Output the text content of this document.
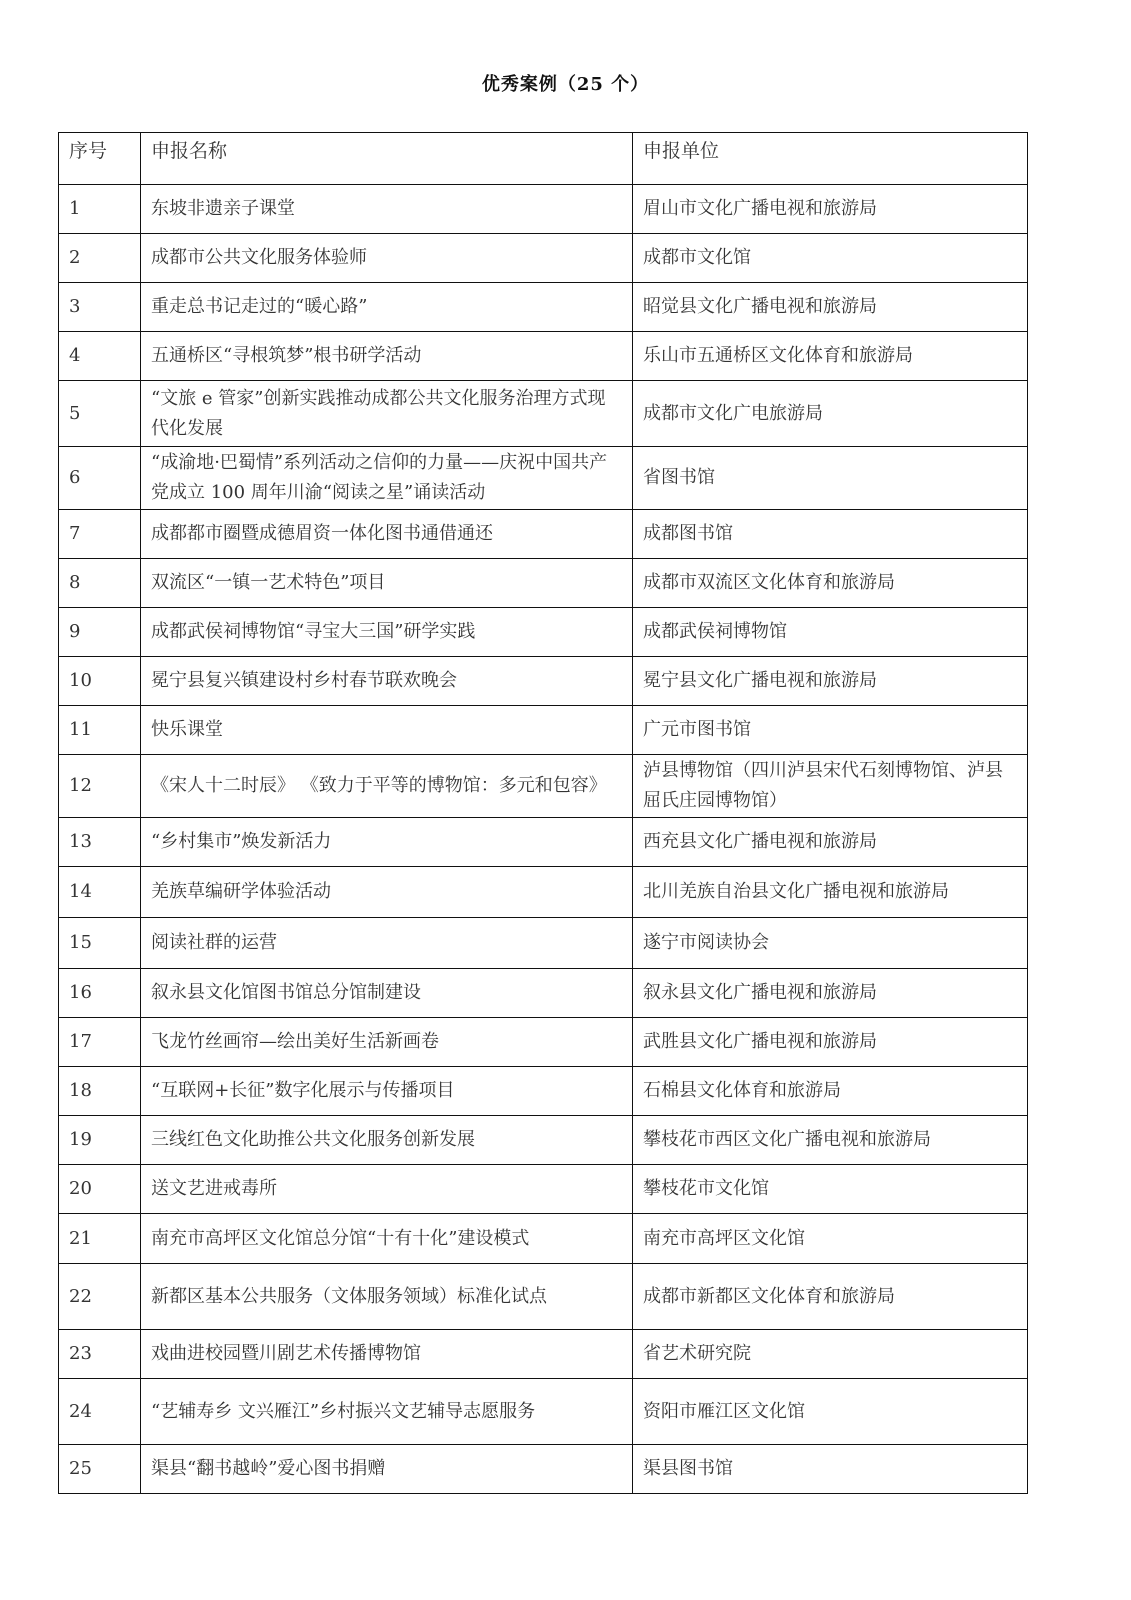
优秀案例（25 个）
序号	申报名称	申报单位
1	东坡非遗亲子课堂	眉山市文化广播电视和旅游局
2	成都市公共文化服务体验师	成都市文化馆
3	重走总书记走过的“暖心路”	昭觉县文化广播电视和旅游局
4	五通桥区“寻根筑梦”根书研学活动	乐山市五通桥区文化体育和旅游局
5	“文旅 e 管家”创新实践推动成都公共文化服务治理方式现代化发展	成都市文化广电旅游局
6	“成渝地·巴蜀情”系列活动之信仰的力量——庆祝中国共产党成立 100 周年川渝“阅读之星”诵读活动	省图书馆
7	成都都市圈暨成德眉资一体化图书通借通还	成都图书馆
8	双流区“一镇一艺术特色”项目	成都市双流区文化体育和旅游局
9	成都武侯祠博物馆“寻宝大三国”研学实践	成都武侯祠博物馆
10	冕宁县复兴镇建设村乡村春节联欢晚会	冕宁县文化广播电视和旅游局
11	快乐课堂	广元市图书馆
12	《宋人十二时辰》 《致力于平等的博物馆：多元和包容》	泸县博物馆（四川泸县宋代石刻博物馆、泸县屈氏庄园博物馆）
13	“乡村集市”焕发新活力	西充县文化广播电视和旅游局
14	羌族草编研学体验活动	北川羌族自治县文化广播电视和旅游局
15	阅读社群的运营	遂宁市阅读协会
16	叙永县文化馆图书馆总分馆制建设	叙永县文化广播电视和旅游局
17	飞龙竹丝画帘—绘出美好生活新画卷	武胜县文化广播电视和旅游局
18	“互联网+长征”数字化展示与传播项目	石棉县文化体育和旅游局
19	三线红色文化助推公共文化服务创新发展	攀枝花市西区文化广播电视和旅游局
20	送文艺进戒毒所	攀枝花市文化馆
21	南充市高坪区文化馆总分馆“十有十化”建设模式	南充市高坪区文化馆
22	新都区基本公共服务（文体服务领域）标准化试点	成都市新都区文化体育和旅游局
23	戏曲进校园暨川剧艺术传播博物馆	省艺术研究院
24	“艺辅寿乡 文兴雁江”乡村振兴文艺辅导志愿服务	资阳市雁江区文化馆
25	渠县“翻书越岭”爱心图书捐赠	渠县图书馆
